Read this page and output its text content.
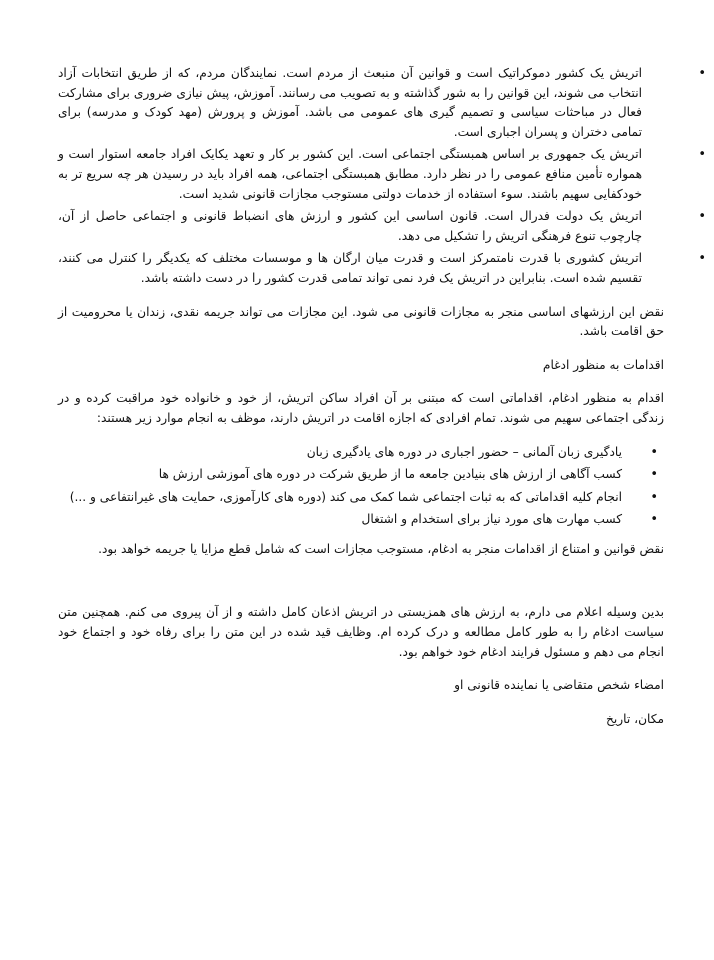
•
اتریش یک کشور دموکراتیک است و قوانین آن منبعث از مردم است. نمایندگان مردم، که از طریق انتخابات آزاد انتخاب می شوند، این قوانین را به شور گذاشته و به تصویب می رسانند. آموزش، پیش نیازی ضروری برای مشارکت فعال در مباحثات سیاسی و تصمیم گیری های عمومی می باشد. آموزش و پرورش (مهد کودک و مدرسه) برای تمامی دختران و پسران اجباری است.
•
اتریش یک جمهوری بر اساس همبستگی اجتماعی است. این کشور بر کار و تعهد یکایک افراد جامعه استوار است و همواره تأمین منافع عمومی را در نظر دارد. مطابق همبستگی اجتماعی، همه افراد باید در رسیدن هر چه سریع تر به خودکفایی سهیم باشند. سوء استفاده از خدمات دولتی مستوجب مجازات قانونی شدید است.
•
اتریش یک دولت فدرال است. قانون اساسی این کشور و ارزش های انضباط قانونی و اجتماعی حاصل از آن، چارچوب تنوع فرهنگی اتریش را تشکیل می دهد.
•
اتریش کشوری با قدرت نامتمرکز است و قدرت میان ارگان ها و موسسات مختلف که یکدیگر را کنترل می کنند، تقسیم شده است. بنابراین در اتریش یک فرد نمی تواند تمامی قدرت کشور را در دست داشته باشد.

نقض این ارزشهای اساسی منجر به مجازات قانونی می شود. این مجازات می تواند جریمه نقدی، زندان یا محرومیت از حق اقامت باشد.

اقدامات به منظور ادغام

اقدام به منظور ادغام، اقداماتی است که مبتنی بر آن افراد ساکن اتریش، از خود و خانواده خود مراقبت کرده و در زندگی اجتماعی سهیم می شوند. تمام افرادی که اجازه اقامت در اتریش دارند، موظف به انجام موارد زیر هستند:

•
یادگیری زبان آلمانی – حضور اجباری در دوره های یادگیری زبان
•
کسب آگاهی از ارزش های بنیادین جامعه ما از طریق شرکت در دوره های آموزشی ارزش ها
•
انجام کلیه اقداماتی که به ثبات اجتماعی شما کمک می کند (دوره های کارآموزی، حمایت های غیرانتفاعی و ...)
•
کسب مهارت های مورد نیاز برای استخدام و اشتغال

نقض قوانین و امتناع از اقدامات منجر به ادغام، مستوجب مجازات است که شامل قطع مزایا یا جریمه خواهد بود.

بدین وسیله اعلام می دارم، به ارزش های همزیستی در اتریش اذعان کامل داشته و از آن پیروی می کنم. همچنین متن سیاست ادغام را به طور کامل مطالعه و درک کرده ام. وظایف قید شده در این متن را برای رفاه خود و اجتماع خود انجام می دهم و مسئول فرایند ادغام خود خواهم بود.

امضاء شخص متقاضی یا نماینده قانونی او

مکان، تاریخ
